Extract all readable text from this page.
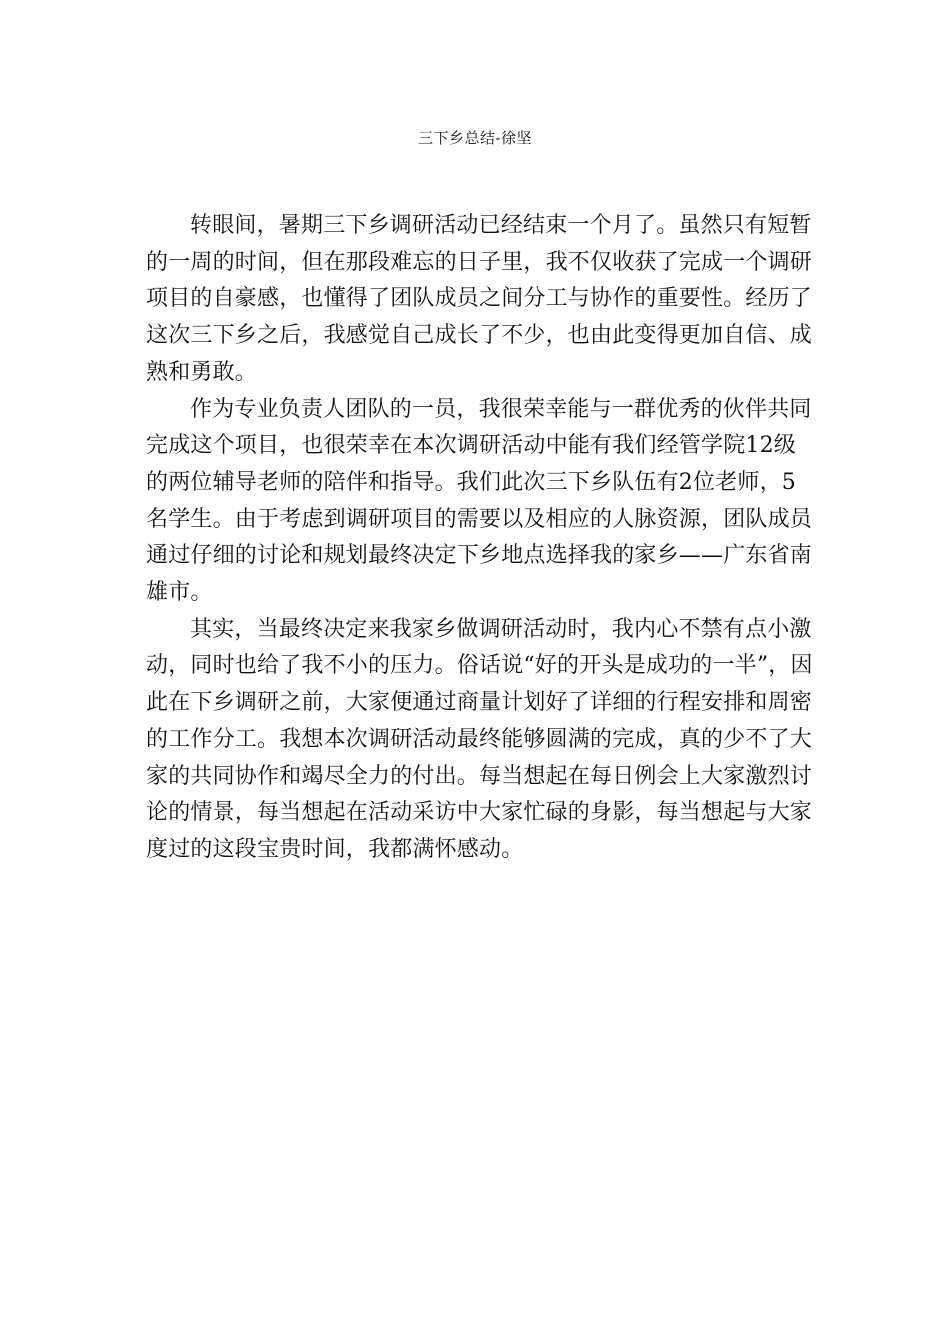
三下乡总结-徐坚

转眼间，暑期三下乡调研活动已经结束一个月了。虽然只有短暂的一周的时间，但在那段难忘的日子里，我不仅收获了完成一个调研项目的自豪感，也懂得了团队成员之间分工与协作的重要性。经历了这次三下乡之后，我感觉自己成长了不少，也由此变得更加自信、成熟和勇敢。

作为专业负责人团队的一员，我很荣幸能与一群优秀的伙伴共同完成这个项目，也很荣幸在本次调研活动中能有我们经管学院12级的两位辅导老师的陪伴和指导。我们此次三下乡队伍有2位老师，5名学生。由于考虑到调研项目的需要以及相应的人脉资源，团队成员通过仔细的讨论和规划最终决定下乡地点选择我的家乡——广东省南雄市。

其实，当最终决定来我家乡做调研活动时，我内心不禁有点小激动，同时也给了我不小的压力。俗话说“好的开头是成功的一半”，因此在下乡调研之前，大家便通过商量计划好了详细的行程安排和周密的工作分工。我想本次调研活动最终能够圆满的完成，真的少不了大家的共同协作和竭尽全力的付出。每当想起在每日例会上大家激烈讨论的情景，每当想起在活动采访中大家忙碌的身影，每当想起与大家度过的这段宝贵时间，我都满怀感动。
